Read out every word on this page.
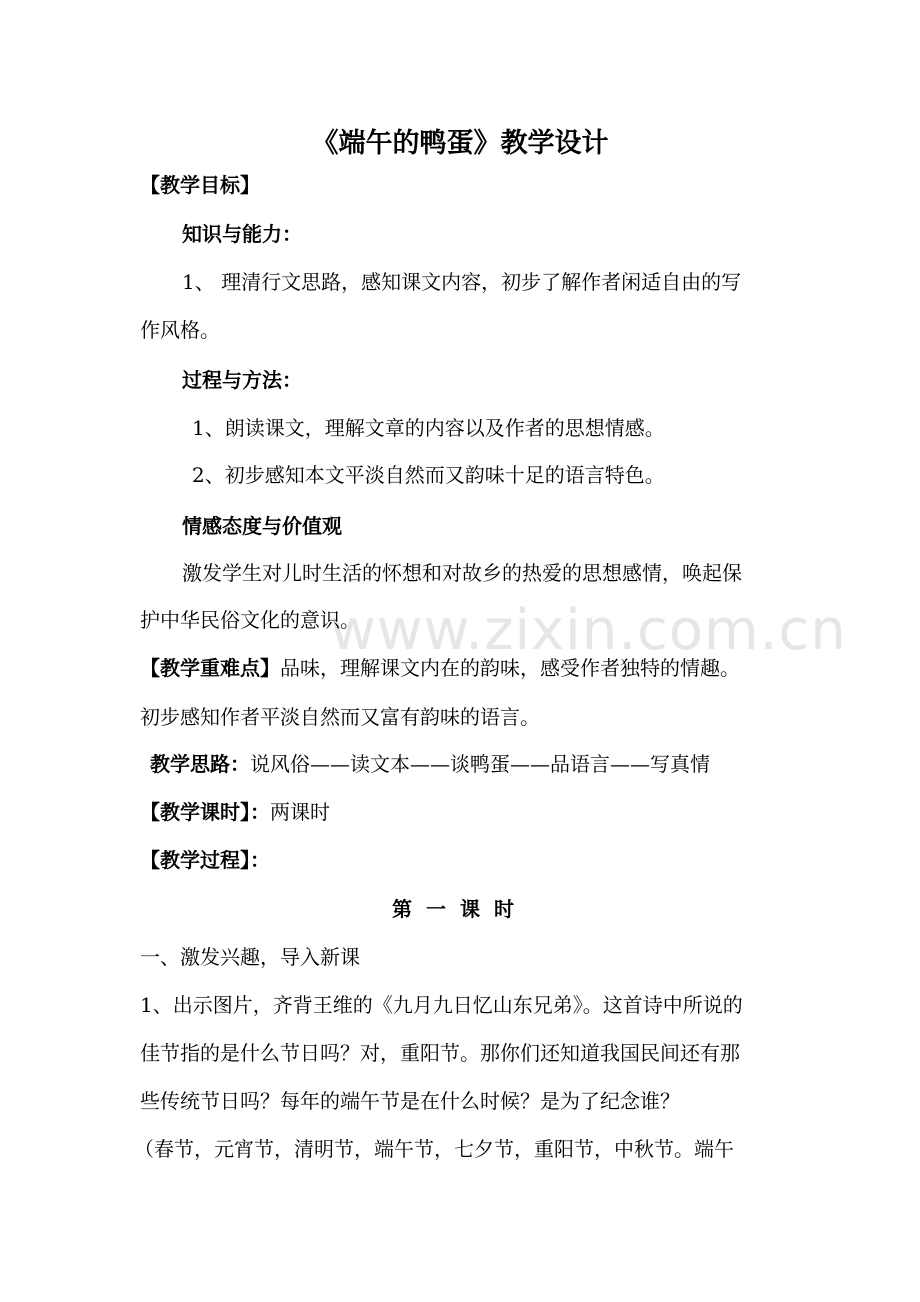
www.zixin.com.cn
《端午的鸭蛋》教学设计
【教学目标】
知识与能力：
1、 理清行文思路，感知课文内容，初步了解作者闲适自由的写
作风格。
过程与方法：
1、朗读课文，理解文章的内容以及作者的思想情感。
2、初步感知本文平淡自然而又韵味十足的语言特色。
情感态度与价值观
激发学生对儿时生活的怀想和对故乡的热爱的思想感情，唤起保
护中华民俗文化的意识。
【教学重难点】品味，理解课文内在的韵味，感受作者独特的情趣。
初步感知作者平淡自然而又富有韵味的语言。
教学思路：说风俗——读文本——谈鸭蛋——品语言——写真情
【教学课时】：两课时
【教学过程】：
第一课时
一、激发兴趣，导入新课
1、出示图片，齐背王维的《九月九日忆山东兄弟》。这首诗中所说的
佳节指的是什么节日吗？对，重阳节。那你们还知道我国民间还有那
些传统节日吗？每年的端午节是在什么时候？是为了纪念谁？
（春节，元宵节，清明节，端午节，七夕节，重阳节，中秋节。端午
